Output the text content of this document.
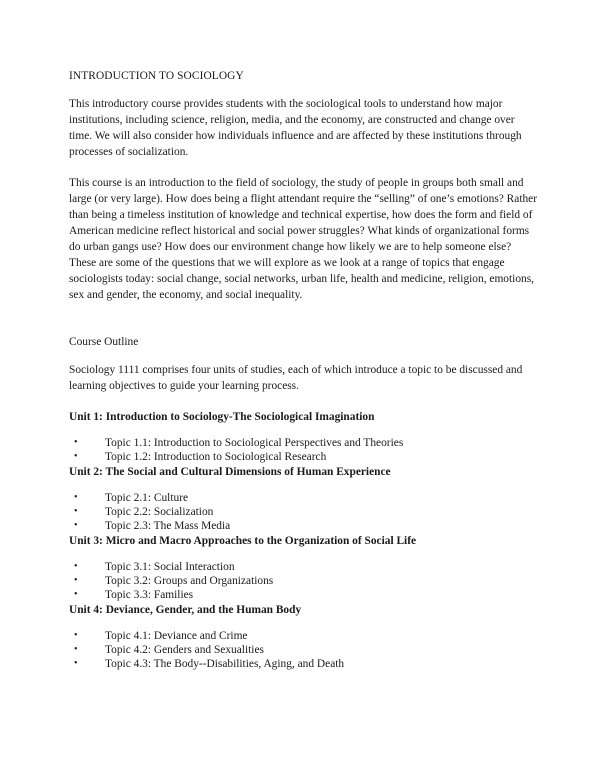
INTRODUCTION TO SOCIOLOGY

This introductory course provides students with the sociological tools to understand how major institutions, including science, religion, media, and the economy, are constructed and change over time. We will also consider how individuals influence and are affected by these institutions through processes of socialization.

This course is an introduction to the field of sociology, the study of people in groups both small and large (or very large). How does being a flight attendant require the “selling” of one’s emotions? Rather than being a timeless institution of knowledge and technical expertise, how does the form and field of American medicine reflect historical and social power struggles? What kinds of organizational forms do urban gangs use? How does our environment change how likely we are to help someone else? These are some of the questions that we will explore as we look at a range of topics that engage sociologists today: social change, social networks, urban life, health and medicine, religion, emotions, sex and gender, the economy, and social inequality.

Course Outline

Sociology 1111 comprises four units of studies, each of which introduce a topic to be discussed and learning objectives to guide your learning process.

Unit 1: Introduction to Sociology-The Sociological Imagination
• Topic 1.1: Introduction to Sociological Perspectives and Theories
• Topic 1.2: Introduction to Sociological Research
Unit 2: The Social and Cultural Dimensions of Human Experience
• Topic 2.1: Culture
• Topic 2.2: Socialization
• Topic 2.3: The Mass Media
Unit 3: Micro and Macro Approaches to the Organization of Social Life
• Topic 3.1: Social Interaction
• Topic 3.2: Groups and Organizations
• Topic 3.3: Families
Unit 4: Deviance, Gender, and the Human Body
• Topic 4.1: Deviance and Crime
• Topic 4.2: Genders and Sexualities
• Topic 4.3: The Body--Disabilities, Aging, and Death
